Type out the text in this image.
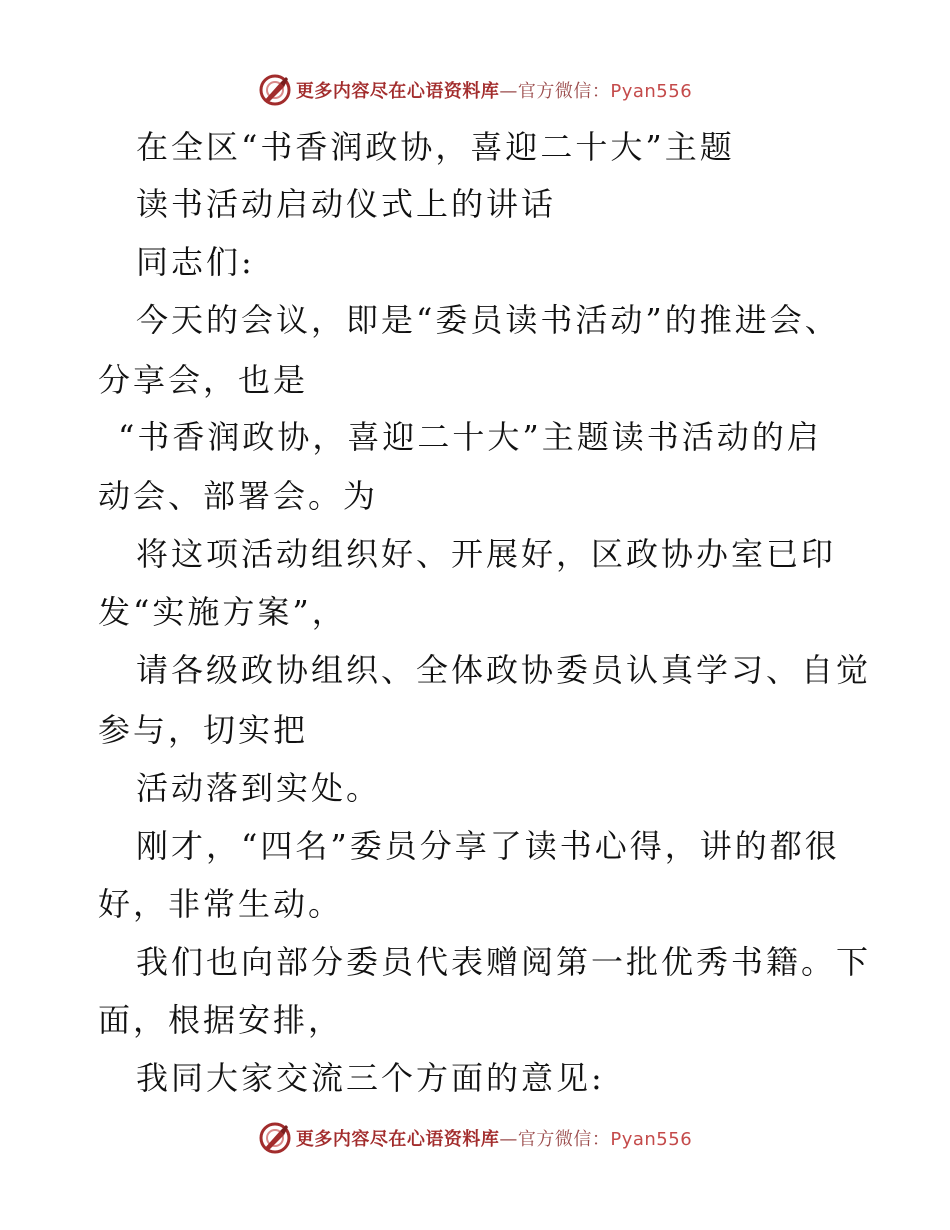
更多内容尽在心语资料库—官方微信：Pyan556
在全区“书香润政协，喜迎二十大”主题
读书活动启动仪式上的讲话
同志们:
今天的会议，即是“委员读书活动”的推进会、
分享会，也是
“书香润政协，喜迎二十大”主题读书活动的启
动会、部署会。为
将这项活动组织好、开展好，区政协办室已印
发“实施方案”，
请各级政协组织、全体政协委员认真学习、自觉
参与，切实把
活动落到实处。
刚才，“四名”委员分享了读书心得，讲的都很
好，非常生动。
我们也向部分委员代表赠阅第一批优秀书籍。下
面，根据安排，
我同大家交流三个方面的意见:
更多内容尽在心语资料库—官方微信：Pyan556
